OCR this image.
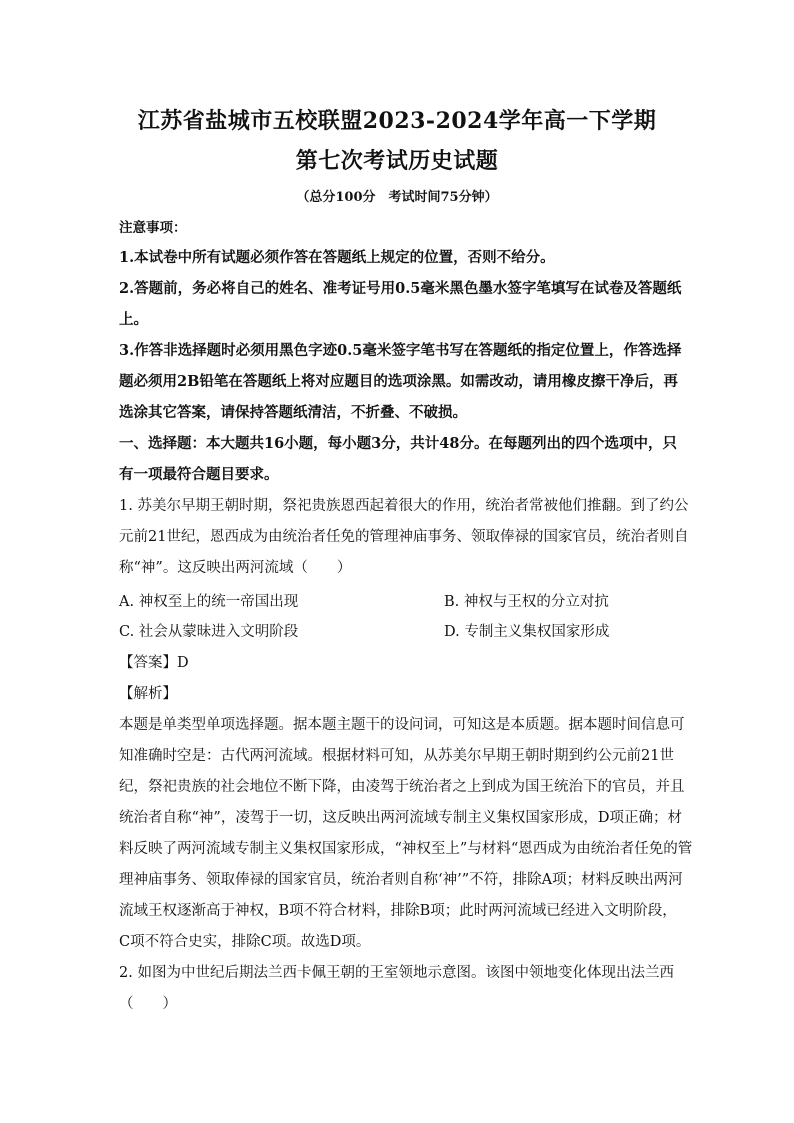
江苏省盐城市五校联盟2023-2024学年高一下学期
第七次考试历史试题
（总分100分　考试时间75分钟）
注意事项：
1.本试卷中所有试题必须作答在答题纸上规定的位置，否则不给分。
2.答题前，务必将自己的姓名、准考证号用0.5毫米黑色墨水签字笔填写在试卷及答题纸
上。
3.作答非选择题时必须用黑色字迹0.5毫米签字笔书写在答题纸的指定位置上，作答选择
题必须用2B铅笔在答题纸上将对应题目的选项涂黑。如需改动，请用橡皮擦干净后，再
选涂其它答案，请保持答题纸清洁，不折叠、不破损。
一、选择题：本大题共16小题，每小题3分，共计48分。在每题列出的四个选项中，只
有一项最符合题目要求。
1. 苏美尔早期王朝时期，祭祀贵族恩西起着很大的作用，统治者常被他们推翻。到了约公
元前21世纪，恩西成为由统治者任免的管理神庙事务、领取俸禄的国家官员，统治者则自
称“神”。这反映出两河流域（　　）
A. 神权至上的统一帝国出现	B. 神权与王权的分立对抗
C. 社会从蒙昧进入文明阶段	D. 专制主义集权国家形成
【答案】D
【解析】
本题是单类型单项选择题。据本题主题干的设问词，可知这是本质题。据本题时间信息可
知准确时空是：古代两河流域。根据材料可知，从苏美尔早期王朝时期到约公元前21世
纪，祭祀贵族的社会地位不断下降，由凌驾于统治者之上到成为国王统治下的官员，并且
统治者自称“神”，凌驾于一切，这反映出两河流域专制主义集权国家形成，D项正确；材
料反映了两河流域专制主义集权国家形成，“神权至上”与材料“恩西成为由统治者任免的管
理神庙事务、领取俸禄的国家官员，统治者则自称‘神’”不符，排除A项；材料反映出两河
流域王权逐渐高于神权，B项不符合材料，排除B项；此时两河流域已经进入文明阶段，
C项不符合史实，排除C项。故选D项。
2. 如图为中世纪后期法兰西卡佩王朝的王室领地示意图。该图中领地变化体现出法兰西
（　　）
